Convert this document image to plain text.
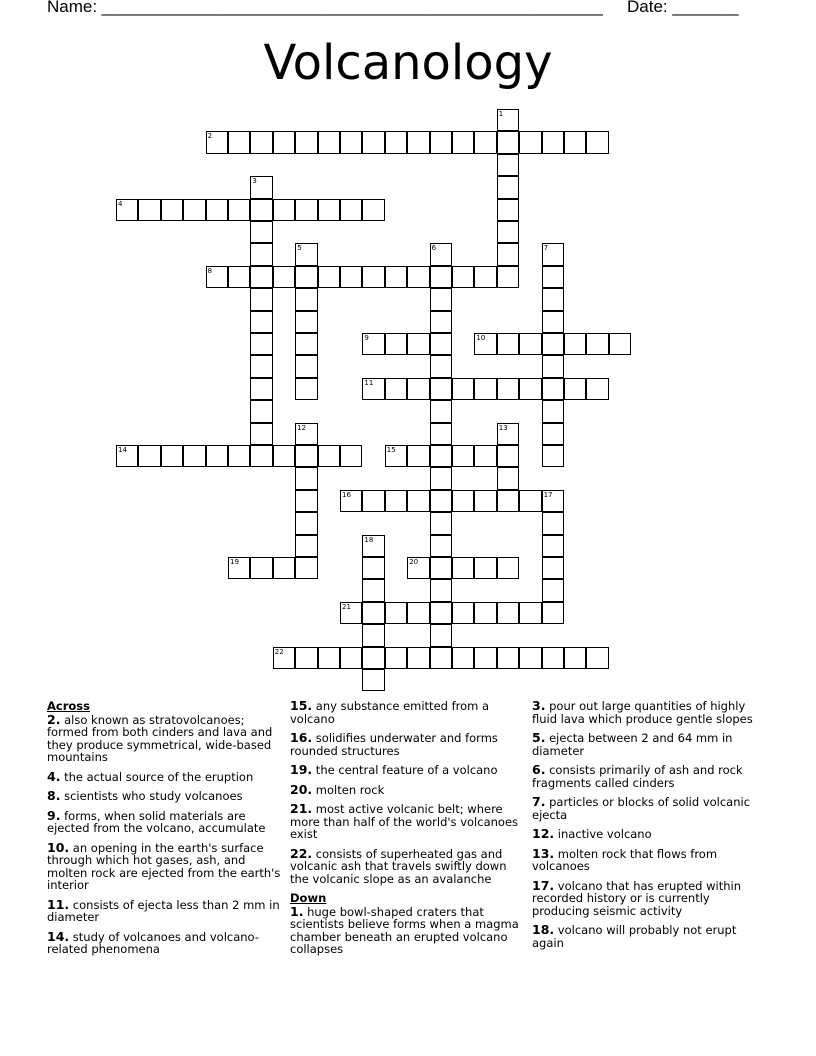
Name: _____________________________________________________ Date: _______
Volcanology
1
2
3
4
5	6	7
8
9	10
11
12	13
14	15
16	17
18
19	20
21
22
Across
2. also known as stratovolcanoes; formed from both cinders and lava and they produce symmetrical, wide-based mountains
4. the actual source of the eruption
8. scientists who study volcanoes
9. forms, when solid materials are ejected from the volcano, accumulate
10. an opening in the earth's surface through which hot gases, ash, and molten rock are ejected from the earth's interior
11. consists of ejecta less than 2 mm in diameter
14. study of volcanoes and volcano-related phenomena
15. any substance emitted from a volcano
16. solidifies underwater and forms rounded structures
19. the central feature of a volcano
20. molten rock
21. most active volcanic belt; where more than half of the world's volcanoes exist
22. consists of superheated gas and volcanic ash that travels swiftly down the volcanic slope as an avalanche
Down
1. huge bowl-shaped craters that scientists believe forms when a magma chamber beneath an erupted volcano collapses
3. pour out large quantities of highly fluid lava which produce gentle slopes
5. ejecta between 2 and 64 mm in diameter
6. consists primarily of ash and rock fragments called cinders
7. particles or blocks of solid volcanic ejecta
12. inactive volcano
13. molten rock that flows from volcanoes
17. volcano that has erupted within recorded history or is currently producing seismic activity
18. volcano will probably not erupt again
